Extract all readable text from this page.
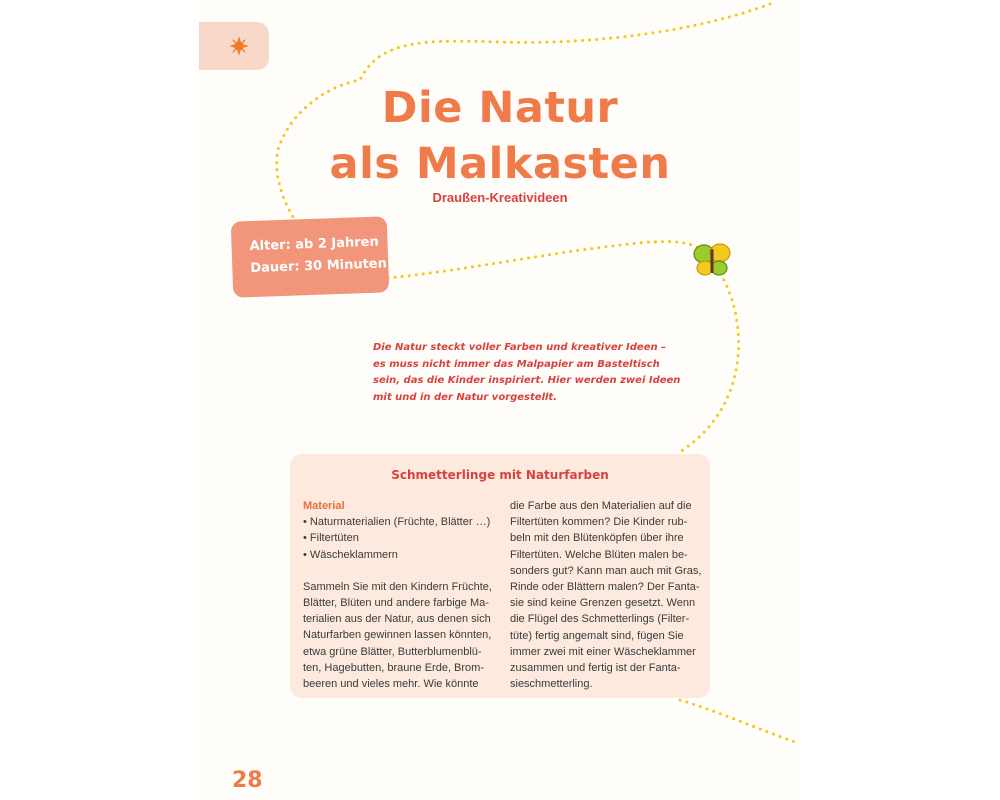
Die Natur
als Malkasten
Draußen-Kreativideen
Alter: ab 2 Jahren
Dauer: 30 Minuten
Die Natur steckt voller Farben und kreativer Ideen –
es muss nicht immer das Malpapier am Basteltisch
sein, das die Kinder inspiriert. Hier werden zwei Ideen
mit und in der Natur vorgestellt.
Schmetterlinge mit Naturfarben
Material
• Naturmaterialien (Früchte, Blätter …)
• Filtertüten
• Wäscheklammern
Sammeln Sie mit den Kindern Früchte,
Blätter, Blüten und andere farbige Ma-
terialien aus der Natur, aus denen sich
Naturfarben gewinnen lassen könnten,
etwa grüne Blätter, Butterblumenblü-
ten, Hagebutten, braune Erde, Brom-
beeren und vieles mehr. Wie könnte
die Farbe aus den Materialien auf die
Filtertüten kommen? Die Kinder rub-
beln mit den Blütenköpfen über ihre
Filtertüten. Welche Blüten malen be-
sonders gut? Kann man auch mit Gras,
Rinde oder Blättern malen? Der Fanta-
sie sind keine Grenzen gesetzt. Wenn
die Flügel des Schmetterlings (Filter-
tüte) fertig angemalt sind, fügen Sie
immer zwei mit einer Wäscheklammer
zusammen und fertig ist der Fanta-
sieschmetterling.
28
